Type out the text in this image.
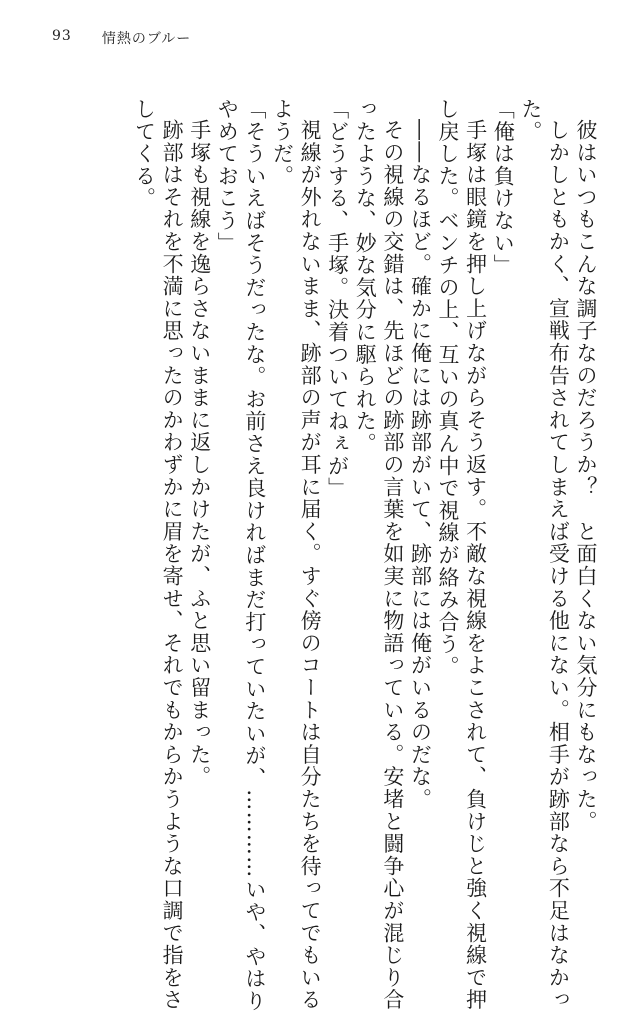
93 情熱のブルー
彼はいつもこんな調子なのだろうか？　と面白くない気分にもなった。
しかしともかく、宣戦布告されてしまえば受ける他にない。相手が跡部なら不足はなかっ
た。
「俺は負けない」
手塚は眼鏡を押し上げながらそう返す。不敵な視線をよこされて、負けじと強く視線で押
し戻した。ベンチの上、互いの真ん中で視線が絡み合う。
――なるほど。確かに俺には跡部がいて、跡部には俺がいるのだな。
その視線の交錯は、先ほどの跡部の言葉を如実に物語っている。安堵と闘争心が混じり合
ったような、妙な気分に駆られた。
「どうする、手塚。決着ついてねぇが」
視線が外れないまま、跡部の声が耳に届く。すぐ傍のコートは自分たちを待ってでもいる
ようだ。
「そういえばそうだったな。お前さえ良ければまだ打っていたいが、…………いや、やはり
やめておこう」
手塚も視線を逸らさないままに返しかけたが、ふと思い留まった。
跡部はそれを不満に思ったのかわずかに眉を寄せ、それでもからかうような口調で指をさ
してくる。
